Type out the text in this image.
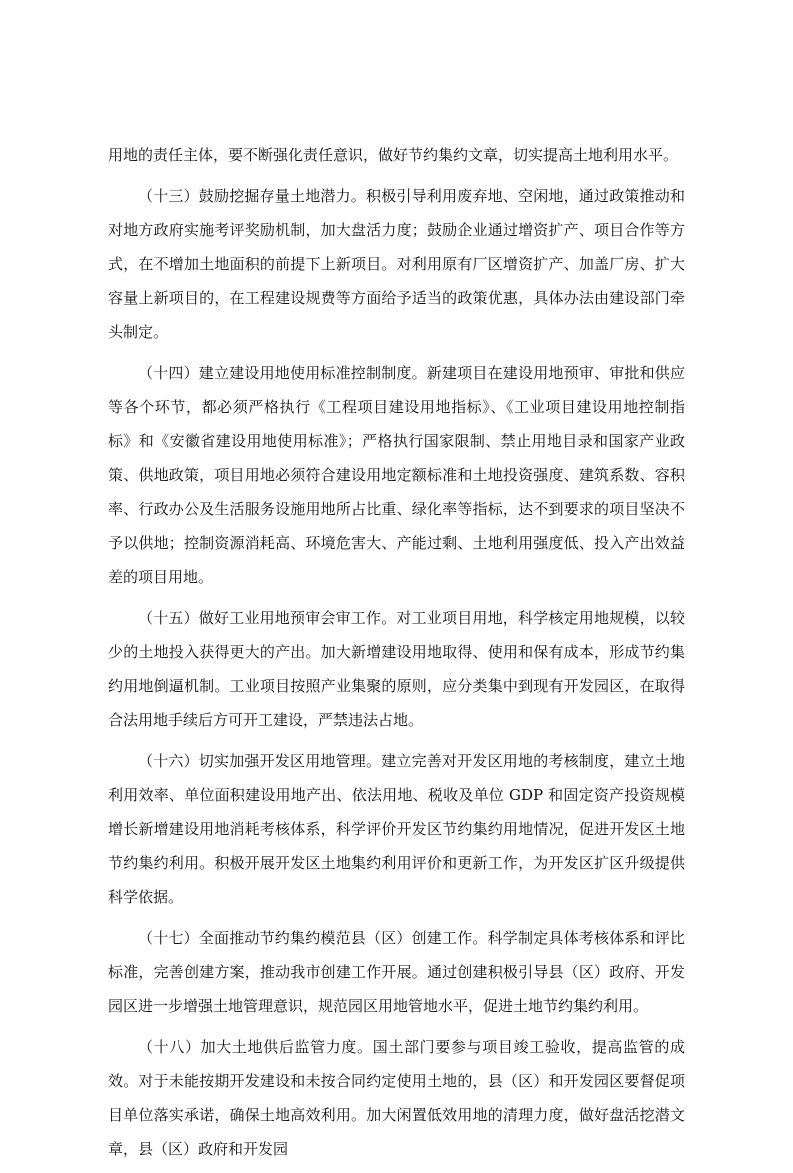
用地的责任主体，要不断强化责任意识，做好节约集约文章，切实提高土地利用水平。

（十三）鼓励挖掘存量土地潜力。积极引导利用废弃地、空闲地，通过政策推动和对地方政府实施考评奖励机制，加大盘活力度；鼓励企业通过增资扩产、项目合作等方式，在不增加土地面积的前提下上新项目。对利用原有厂区增资扩产、加盖厂房、扩大容量上新项目的，在工程建设规费等方面给予适当的政策优惠，具体办法由建设部门牵头制定。

（十四）建立建设用地使用标准控制制度。新建项目在建设用地预审、审批和供应等各个环节，都必须严格执行《工程项目建设用地指标》、《工业项目建设用地控制指标》和《安徽省建设用地使用标准》；严格执行国家限制、禁止用地目录和国家产业政策、供地政策，项目用地必须符合建设用地定额标准和土地投资强度、建筑系数、容积率、行政办公及生活服务设施用地所占比重、绿化率等指标，达不到要求的项目坚决不予以供地；控制资源消耗高、环境危害大、产能过剩、土地利用强度低、投入产出效益差的项目用地。

（十五）做好工业用地预审会审工作。对工业项目用地，科学核定用地规模，以较少的土地投入获得更大的产出。加大新增建设用地取得、使用和保有成本，形成节约集约用地倒逼机制。工业项目按照产业集聚的原则，应分类集中到现有开发园区，在取得合法用地手续后方可开工建设，严禁违法占地。

（十六）切实加强开发区用地管理。建立完善对开发区用地的考核制度，建立土地利用效率、单位面积建设用地产出、依法用地、税收及单位 GDP 和固定资产投资规模增长新增建设用地消耗考核体系，科学评价开发区节约集约用地情况，促进开发区土地节约集约利用。积极开展开发区土地集约利用评价和更新工作，为开发区扩区升级提供科学依据。

（十七）全面推动节约集约模范县（区）创建工作。科学制定具体考核体系和评比标准，完善创建方案，推动我市创建工作开展。通过创建积极引导县（区）政府、开发园区进一步增强土地管理意识，规范园区用地管地水平，促进土地节约集约利用。

（十八）加大土地供后监管力度。国土部门要参与项目竣工验收，提高监管的成效。对于未能按期开发建设和未按合同约定使用土地的，县（区）和开发园区要督促项目单位落实承诺，确保土地高效利用。加大闲置低效用地的清理力度，做好盘活挖潜文章，县（区）政府和开发园
